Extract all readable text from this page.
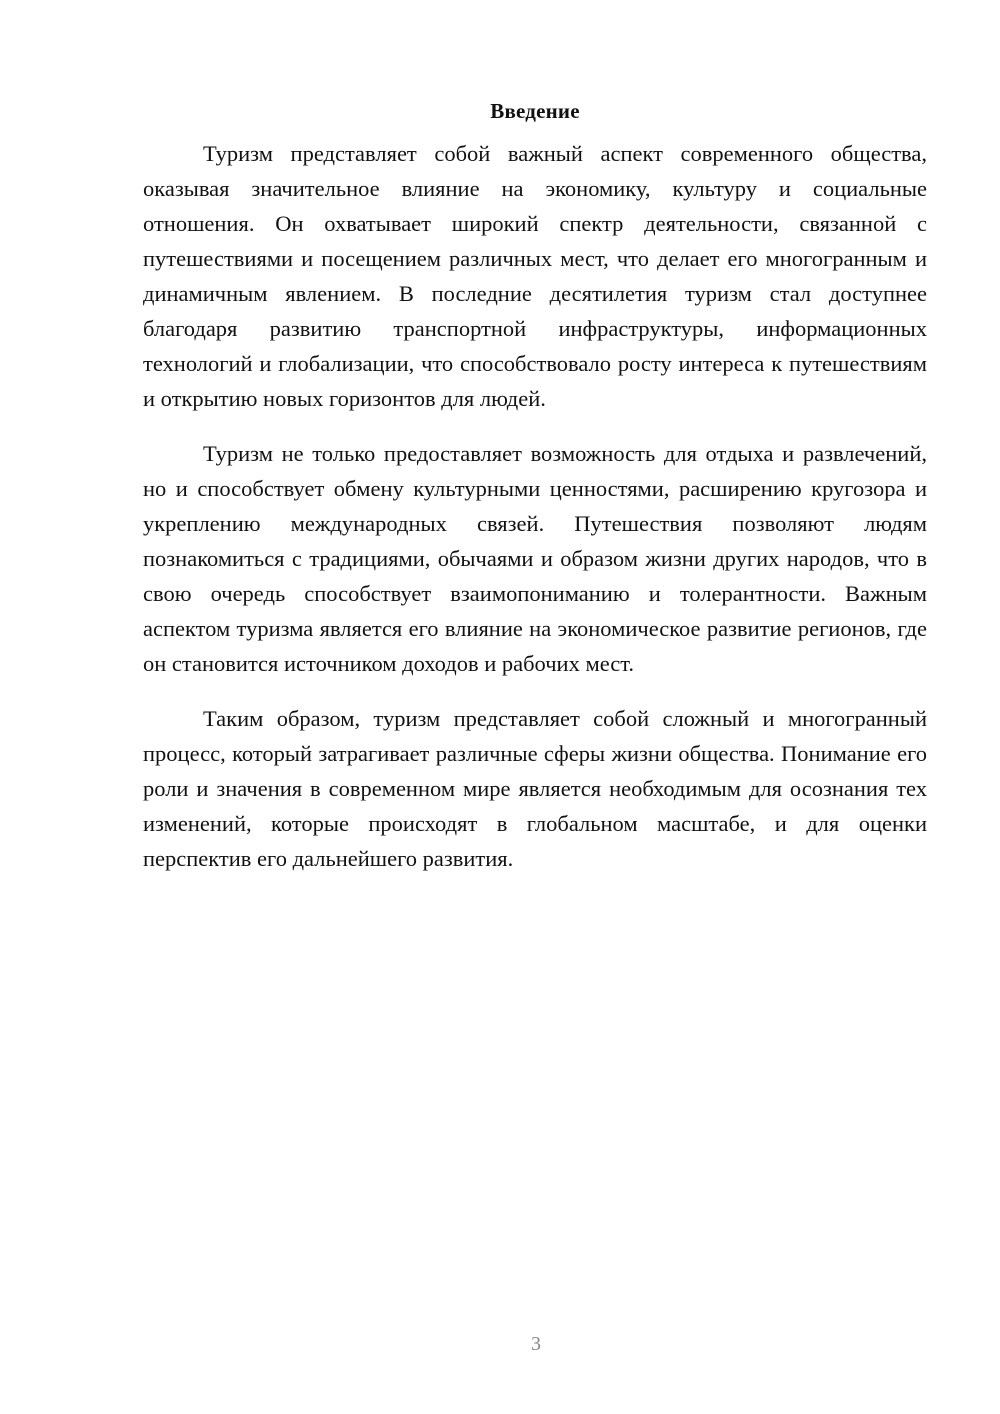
Введение

Туризм представляет собой важный аспект современного общества, оказывая значительное влияние на экономику, культуру и социальные отношения. Он охватывает широкий спектр деятельности, связанной с путешествиями и посещением различных мест, что делает его многогранным и динамичным явлением. В последние десятилетия туризм стал доступнее благодаря развитию транспортной инфраструктуры, информационных технологий и глобализации, что способствовало росту интереса к путешествиям и открытию новых горизонтов для людей.

Туризм не только предоставляет возможность для отдыха и развлечений, но и способствует обмену культурными ценностями, расширению кругозора и укреплению международных связей. Путешествия позволяют людям познакомиться с традициями, обычаями и образом жизни других народов, что в свою очередь способствует взаимопониманию и толерантности. Важным аспектом туризма является его влияние на экономическое развитие регионов, где он становится источником доходов и рабочих мест.

Таким образом, туризм представляет собой сложный и многогранный процесс, который затрагивает различные сферы жизни общества. Понимание его роли и значения в современном мире является необходимым для осознания тех изменений, которые происходят в глобальном масштабе, и для оценки перспектив его дальнейшего развития.

3
